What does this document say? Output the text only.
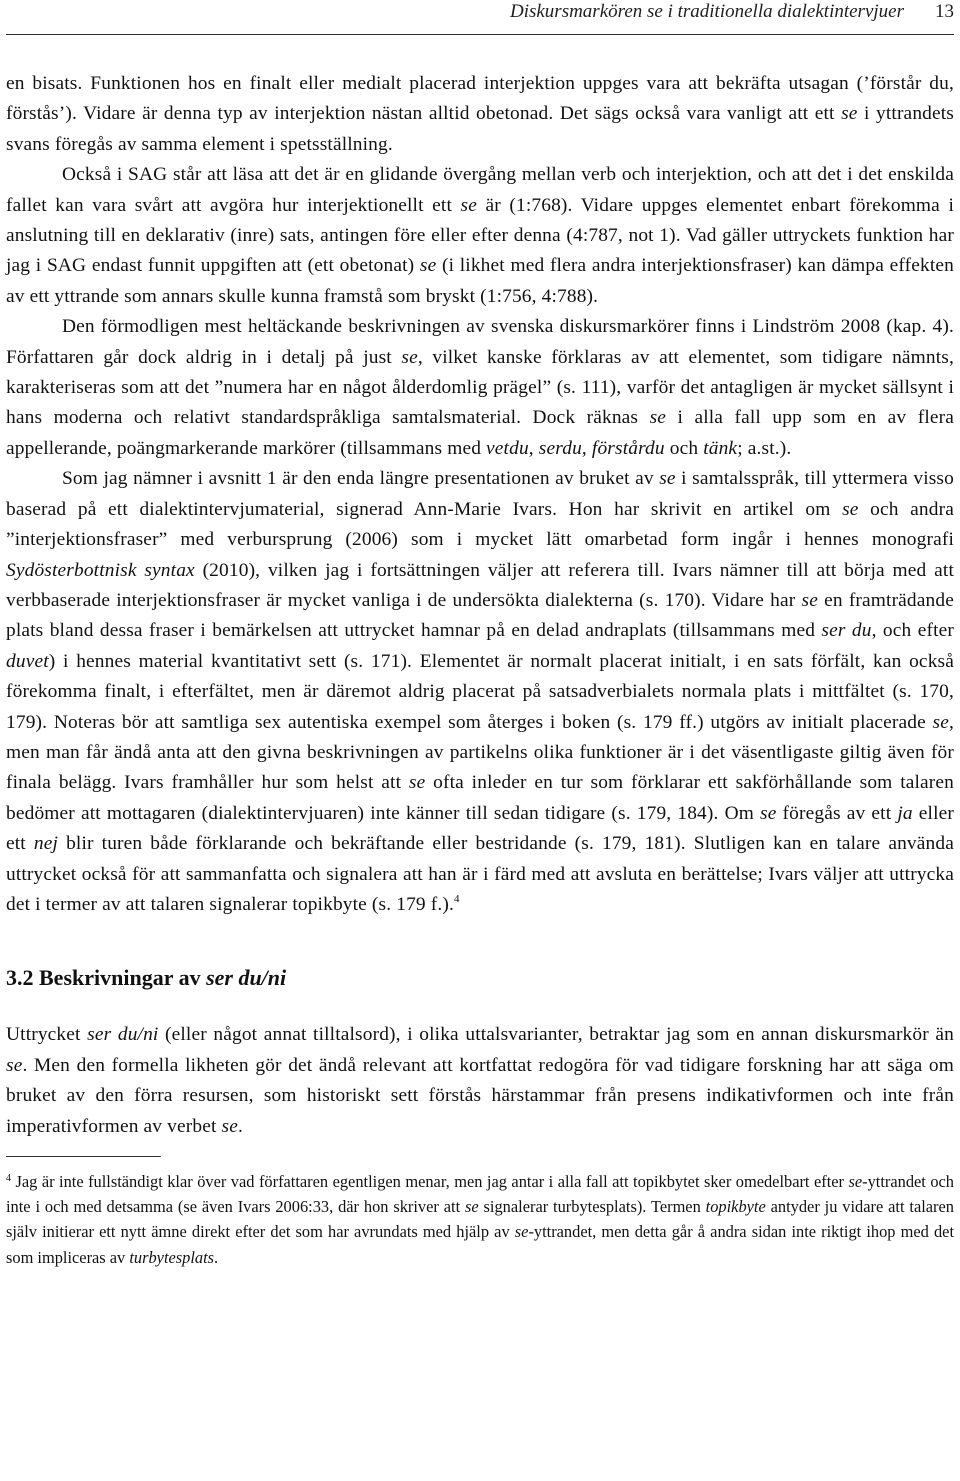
Diskursmarkören se i traditionella dialektintervjuer 13

en bisats. Funktionen hos en finalt eller medialt placerad interjektion uppges vara att bekräfta utsagan (’förstår du, förstås’). Vidare är denna typ av interjektion nästan alltid obetonad. Det sägs också vara vanligt att ett se i yttrandets svans föregås av samma element i spetsställning.

Också i SAG står att läsa att det är en glidande övergång mellan verb och interjektion, och att det i det enskilda fallet kan vara svårt att avgöra hur interjektionellt ett se är (1:768). Vidare uppges elementet enbart förekomma i anslutning till en deklarativ (inre) sats, antingen före eller efter denna (4:787, not 1). Vad gäller uttryckets funktion har jag i SAG endast funnit uppgiften att (ett obetonat) se (i likhet med flera andra interjektionsfraser) kan dämpa effekten av ett yttrande som annars skulle kunna framstå som bryskt (1:756, 4:788).

Den förmodligen mest heltäckande beskrivningen av svenska diskursmarkörer finns i Lindström 2008 (kap. 4). Författaren går dock aldrig in i detalj på just se, vilket kanske förklaras av att elementet, som tidigare nämnts, karakteriseras som att det ”numera har en något ålderdomlig prägel” (s. 111), varför det antagligen är mycket sällsynt i hans moderna och relativt standardspråkliga samtalsmaterial. Dock räknas se i alla fall upp som en av flera appellerande, poängmarkerande markörer (tillsammans med vetdu, serdu, förstårdu och tänk; a.st.).

Som jag nämner i avsnitt 1 är den enda längre presentationen av bruket av se i samtalsspråk, till yttermera visso baserad på ett dialektintervjumaterial, signerad Ann-Marie Ivars. Hon har skrivit en artikel om se och andra ”interjektionsfraser” med verbursprung (2006) som i mycket lätt omarbetad form ingår i hennes monografi Sydösterbottnisk syntax (2010), vilken jag i fortsättningen väljer att referera till. Ivars nämner till att börja med att verbbaserade interjektionsfraser är mycket vanliga i de undersökta dialekterna (s. 170). Vidare har se en framträdande plats bland dessa fraser i bemärkelsen att uttrycket hamnar på en delad andraplats (tillsammans med ser du, och efter duvet) i hennes material kvantitativt sett (s. 171). Elementet är normalt placerat initialt, i en sats förfält, kan också förekomma finalt, i efterfältet, men är däremot aldrig placerat på satsadverbialets normala plats i mittfältet (s. 170, 179). Noteras bör att samtliga sex autentiska exempel som återges i boken (s. 179 ff.) utgörs av initialt placerade se, men man får ändå anta att den givna beskrivningen av partikelns olika funktioner är i det väsentligaste giltig även för finala belägg. Ivars framhåller hur som helst att se ofta inleder en tur som förklarar ett sakförhållande som talaren bedömer att mottagaren (dialektintervjuaren) inte känner till sedan tidigare (s. 179, 184). Om se föregås av ett ja eller ett nej blir turen både förklarande och bekräftande eller bestridande (s. 179, 181). Slutligen kan en talare använda uttrycket också för att sammanfatta och signalera att han är i färd med att avsluta en berättelse; Ivars väljer att uttrycka det i termer av att talaren signalerar topikbyte (s. 179 f.).$^4$

3.2 Beskrivningar av ser du/ni

Uttrycket ser du/ni (eller något annat tilltalsord), i olika uttalsvarianter, betraktar jag som en annan diskursmarkör än se. Men den formella likheten gör det ändå relevant att kortfattat redogöra för vad tidigare forskning har att säga om bruket av den förra resursen, som historiskt sett förstås härstammar från presens indikativformen och inte från imperativformen av verbet se.

$^4$ Jag är inte fullständigt klar över vad författaren egentligen menar, men jag antar i alla fall att topikbytet sker omedelbart efter se-yttrandet och inte i och med detsamma (se även Ivars 2006:33, där hon skriver att se signalerar turbytesplats). Termen topikbyte antyder ju vidare att talaren själv initierar ett nytt ämne direkt efter det som har avrundats med hjälp av se-yttrandet, men detta går å andra sidan inte riktigt ihop med det som impliceras av turbytesplats.
